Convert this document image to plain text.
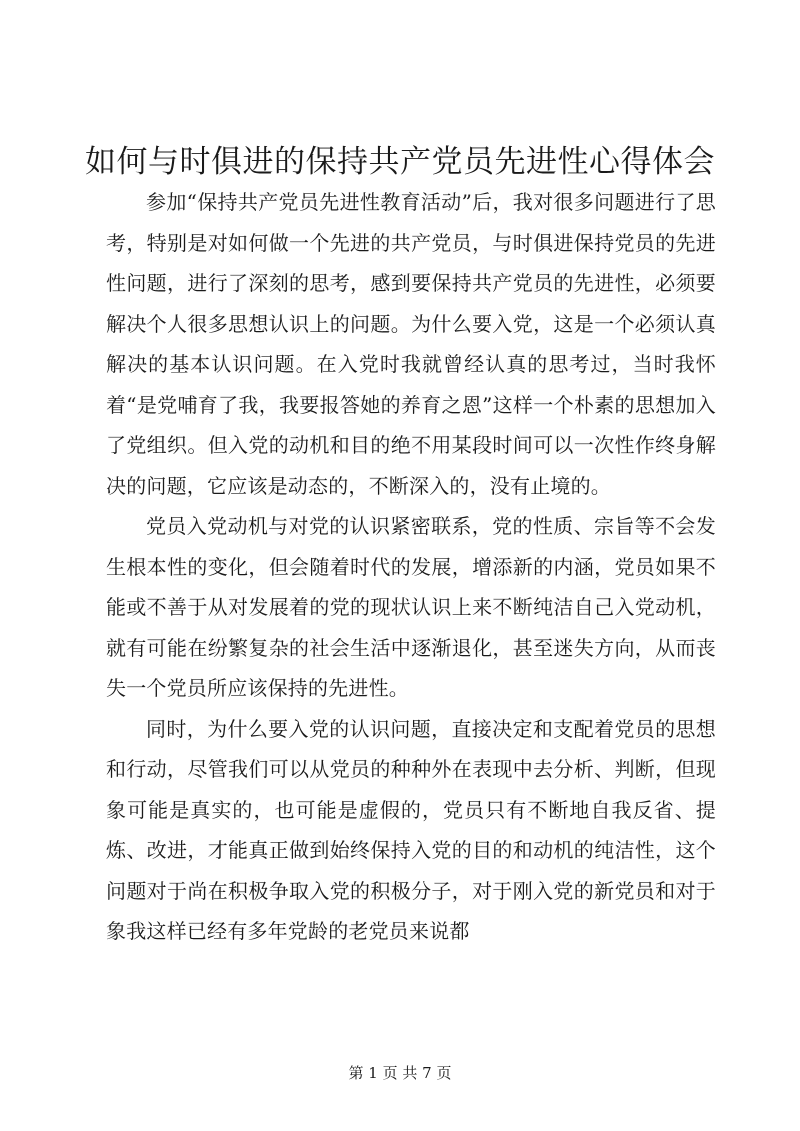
如何与时俱进的保持共产党员先进性心得体会

参加“保持共产党员先进性教育活动”后，我对很多问题进行了思考，特别是对如何做一个先进的共产党员，与时俱进保持党员的先进性问题，进行了深刻的思考，感到要保持共产党员的先进性，必须要解决个人很多思想认识上的问题。为什么要入党，这是一个必须认真解决的基本认识问题。在入党时我就曾经认真的思考过，当时我怀着“是党哺育了我，我要报答她的养育之恩”这样一个朴素的思想加入了党组织。但入党的动机和目的绝不用某段时间可以一次性作终身解决的问题，它应该是动态的，不断深入的，没有止境的。

党员入党动机与对党的认识紧密联系，党的性质、宗旨等不会发生根本性的变化，但会随着时代的发展，增添新的内涵，党员如果不能或不善于从对发展着的党的现状认识上来不断纯洁自己入党动机，就有可能在纷繁复杂的社会生活中逐渐退化，甚至迷失方向，从而丧失一个党员所应该保持的先进性。

同时，为什么要入党的认识问题，直接决定和支配着党员的思想和行动，尽管我们可以从党员的种种外在表现中去分析、判断，但现象可能是真实的，也可能是虚假的，党员只有不断地自我反省、提炼、改进，才能真正做到始终保持入党的目的和动机的纯洁性，这个问题对于尚在积极争取入党的积极分子，对于刚入党的新党员和对于象我这样已经有多年党龄的老党员来说都

第 1 页 共 7 页
